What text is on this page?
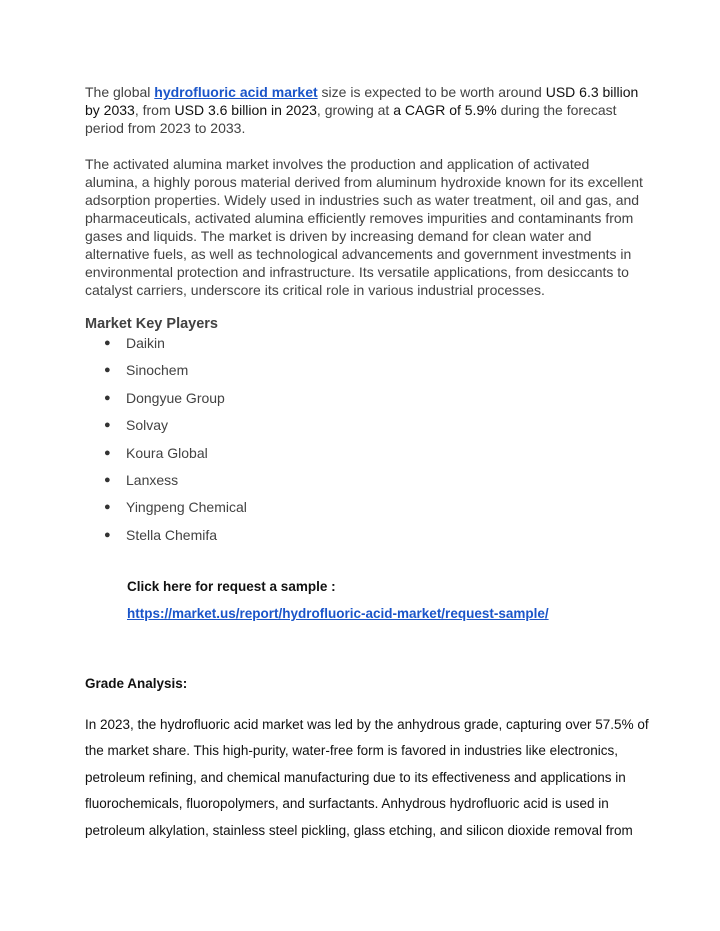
The global hydrofluoric acid market size is expected to be worth around USD 6.3 billion by 2033, from USD 3.6 billion in 2023, growing at a CAGR of 5.9% during the forecast period from 2023 to 2033.
The activated alumina market involves the production and application of activated alumina, a highly porous material derived from aluminum hydroxide known for its excellent adsorption properties. Widely used in industries such as water treatment, oil and gas, and pharmaceuticals, activated alumina efficiently removes impurities and contaminants from gases and liquids. The market is driven by increasing demand for clean water and alternative fuels, as well as technological advancements and government investments in environmental protection and infrastructure. Its versatile applications, from desiccants to catalyst carriers, underscore its critical role in various industrial processes.
Market Key Players
●	Daikin
●	Sinochem
●	Dongyue Group
●	Solvay
●	Koura Global
●	Lanxess
●	Yingpeng Chemical
●	Stella Chemifa
Click here for request a sample :
https://market.us/report/hydrofluoric-acid-market/request-sample/
Grade Analysis:
In 2023, the hydrofluoric acid market was led by the anhydrous grade, capturing over 57.5% of
the market share. This high-purity, water-free form is favored in industries like electronics,
petroleum refining, and chemical manufacturing due to its effectiveness and applications in
fluorochemicals, fluoropolymers, and surfactants. Anhydrous hydrofluoric acid is used in
petroleum alkylation, stainless steel pickling, glass etching, and silicon dioxide removal from
